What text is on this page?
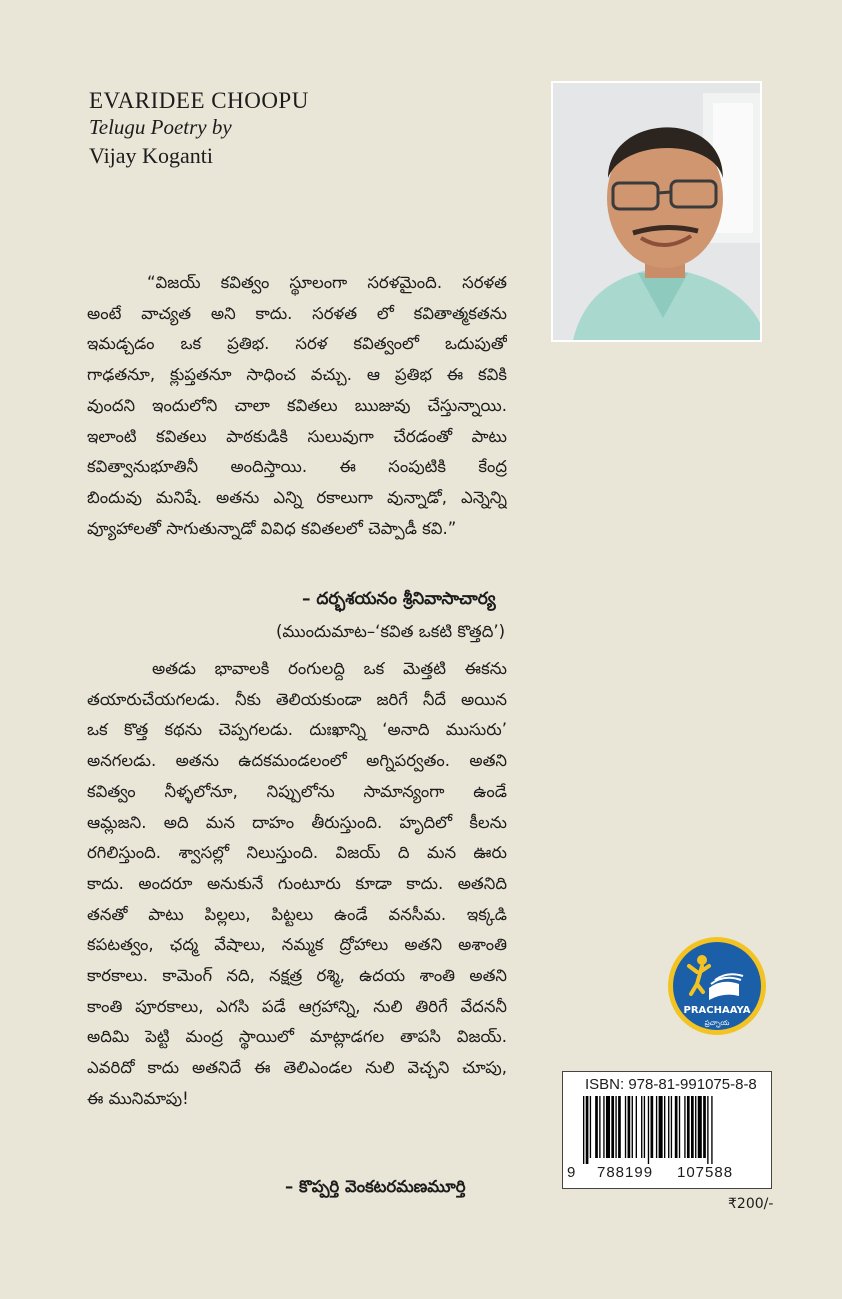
EVARIDEE CHOOPU
Telugu Poetry by
Vijay Koganti

“విజయ్ కవిత్వం స్థూలంగా సరళమైంది. సరళత
అంటే వాచ్యత అని కాదు. సరళత లో కవితాత్మకతను
ఇమడ్చడం ఒక ప్రతిభ. సరళ కవిత్వంలో ఒదుపుతో
గాఢతనూ, క్లుప్తతనూ సాధించ వచ్చు. ఆ ప్రతిభ ఈ కవికి
వుందని ఇందులోని చాలా కవితలు ఋజువు చేస్తున్నాయి.
ఇలాంటి కవితలు పాఠకుడికి సులువుగా చేరడంతో పాటు
కవిత్వానుభూతినీ అందిస్తాయి. ఈ సంపుటికి కేంద్ర
బిందువు మనిషే. అతను ఎన్ని రకాలుగా వున్నాడో, ఎన్నెన్ని
వ్యూహాలతో సాగుతున్నాడో వివిధ కవితలలో చెప్పాడీ కవి.”

– దర్భశయనం శ్రీనివాసాచార్య
(ముందుమాట–‘కవిత ఒకటి కొత్తది’)

అతడు భావాలకి రంగులద్ది ఒక మెత్తటి ఈకను
తయారుచేయగలడు. నీకు తెలియకుండా జరిగే నీదే అయిన
ఒక కొత్త కథను చెప్పగలడు. దుఃఖాన్ని ‘అనాది ముసురు’
అనగలడు. అతను ఉదకమండలంలో అగ్నిపర్వతం. అతని
కవిత్వం నీళ్ళలోనూ, నిప్పులోను సామాన్యంగా ఉండే
ఆమ్లజని. అది మన దాహం తీరుస్తుంది. హృదిలో కీలను
రగిలిస్తుంది. శ్వాసల్లో నిలుస్తుంది. విజయ్ ది మన ఊరు
కాదు. అందరూ అనుకునే గుంటూరు కూడా కాదు. అతనిది
తనతో పాటు పిల్లలు, పిట్టలు ఉండే వనసీమ. ఇక్కడి
కపటత్వం, ఛద్మ వేషాలు, నమ్మక ద్రోహాలు అతని అశాంతి
కారకాలు. కామెంగ్ నది, నక్షత్ర రశ్మి, ఉదయ శాంతి అతని
కాంతి పూరకాలు, ఎగసి పడే ఆగ్రహాన్ని, నులి తిరిగే వేదననీ
అదిమి పెట్టి మంద్ర స్థాయిలో మాట్లాడగల తాపసి విజయ్.
ఎవరిదో కాదు అతనిదే ఈ తెలిఎండల నులి వెచ్చని చూపు,
ఈ మునిమాపు!

– కొప్పర్తి వెంకటరమణమూర్తి
PRACHAAYA
ప్రచ్ఛాయ
ISBN: 978-81-991075-8-8
9 788199 107588
₹200/-
